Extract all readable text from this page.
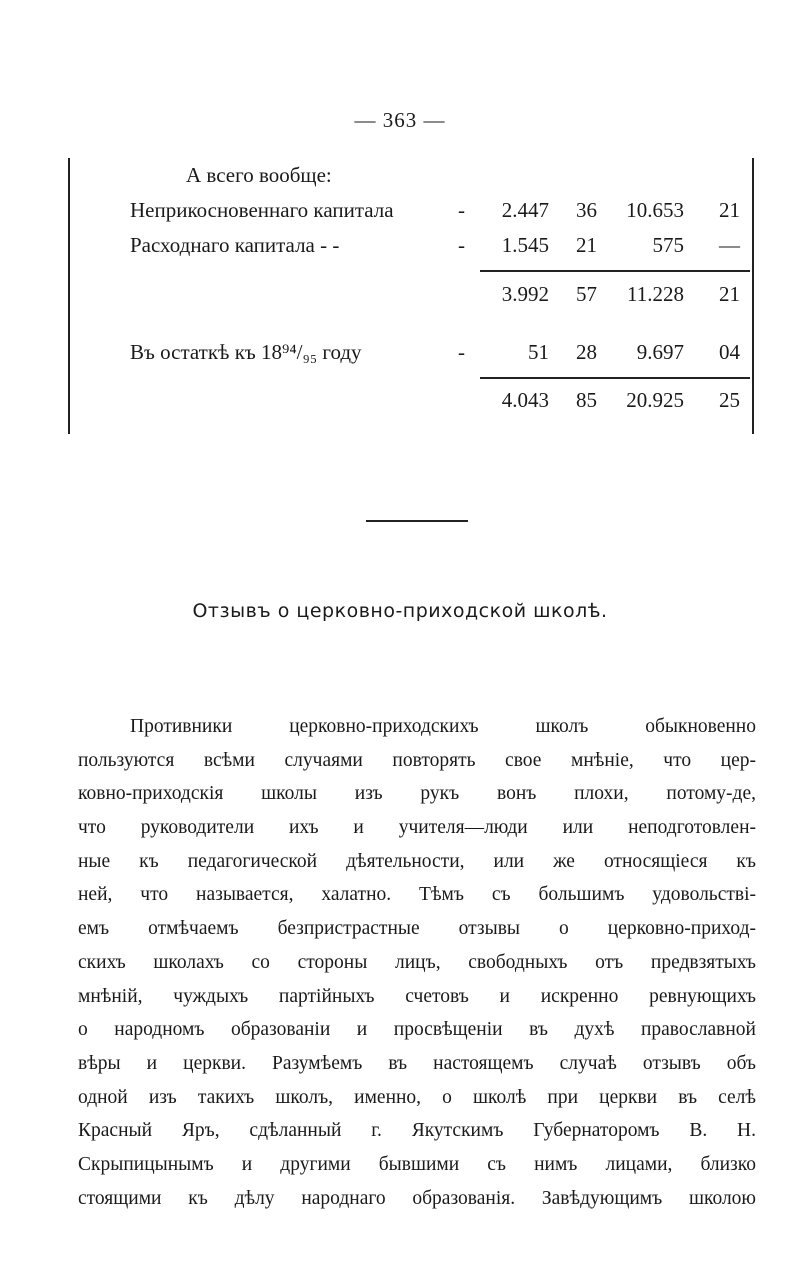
— 363 —
А всего вообще:
Неприкосновеннаго капитала	-	2.447	36	10.653	21
Расходнаго капитала - -	-	1.545	21	575	—
3.992	57	11.228	21
Въ остаткѣ къ 18⁹⁴/₉₅ году	-	51	28	9.697	04
4.043	85	20.925	25
Отзывъ о церковно-приходской школѣ.
Противники церковно-приходскихъ школъ обыкновенно
пользуются всѣми случаями повторять свое мнѣніе, что цер-
ковно-приходскія школы изъ рукъ вонъ плохи, потому-де,
что руководители ихъ и учителя—люди или неподготовлен-
ные къ педагогической дѣятельности, или же относящіеся къ
ней, что называется, халатно. Тѣмъ съ большимъ удовольствi-
емъ отмѣчаемъ безпристрастные отзывы о церковно-приход-
скихъ школахъ со стороны лицъ, свободныхъ отъ предвзятыхъ
мнѣній, чуждыхъ партійныхъ счетовъ и искренно ревнующихъ
о народномъ образованіи и просвѣщеніи въ духѣ православной
вѣры и церкви. Разумѣемъ въ настоящемъ случаѣ отзывъ объ
одной изъ такихъ школъ, именно, о школѣ при церкви въ селѣ
Красный Яръ, сдѣланный г. Якутскимъ Губернаторомъ В. Н.
Скрыпицынымъ и другими бывшими съ нимъ лицами, близко
стоящими къ дѣлу народнаго образованія. Завѣдующимъ школою
